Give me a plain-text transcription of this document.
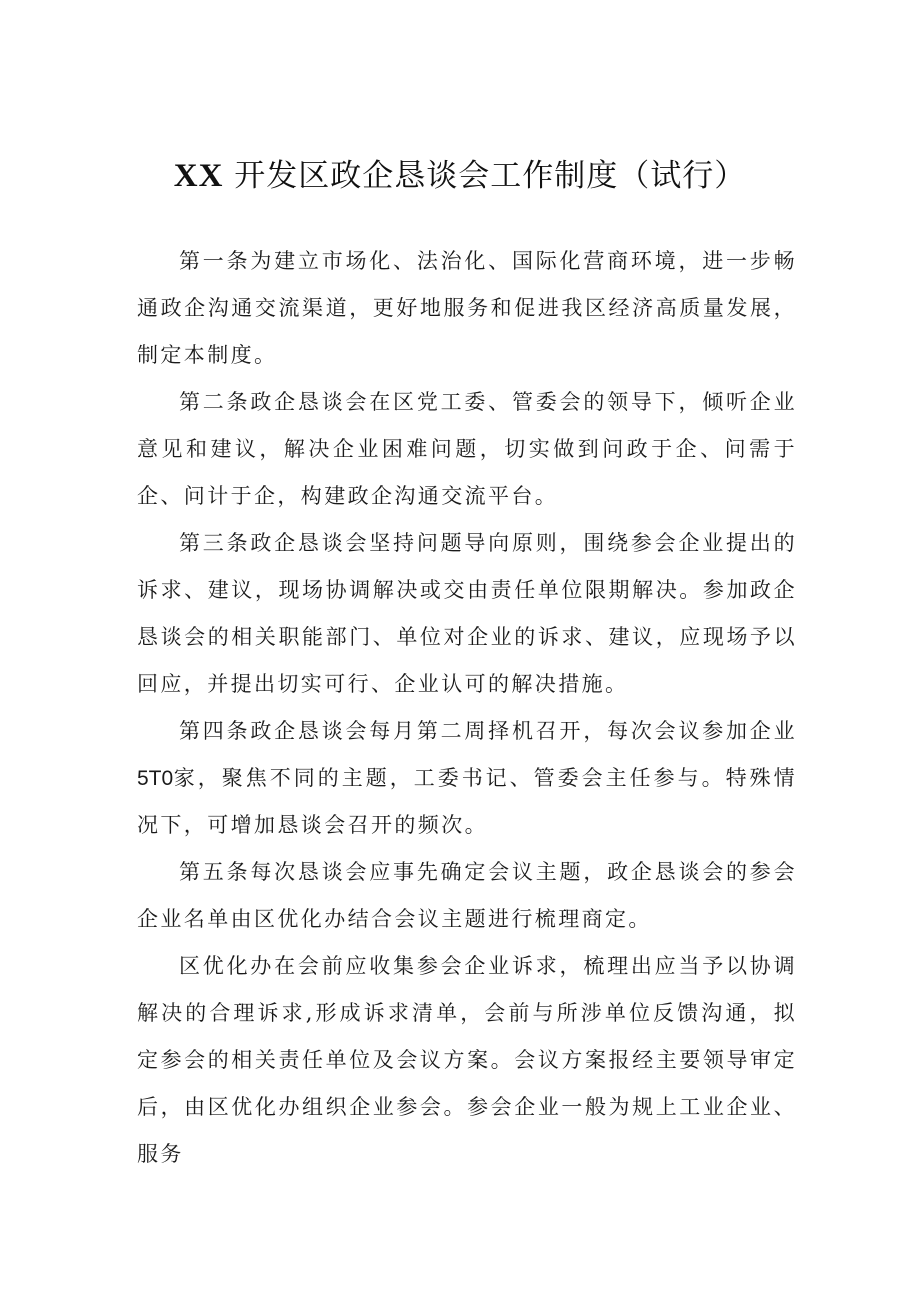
XX 开发区政企恳谈会工作制度（试行）

第一条为建立市场化、法治化、国际化营商环境，进一步畅通政企沟通交流渠道，更好地服务和促进我区经济高质量发展，制定本制度。

第二条政企恳谈会在区党工委、管委会的领导下，倾听企业意见和建议，解决企业困难问题，切实做到问政于企、问需于企、问计于企，构建政企沟通交流平台。

第三条政企恳谈会坚持问题导向原则，围绕参会企业提出的诉求、建议，现场协调解决或交由责任单位限期解决。参加政企恳谈会的相关职能部门、单位对企业的诉求、建议，应现场予以回应，并提出切实可行、企业认可的解决措施。

第四条政企恳谈会每月第二周择机召开，每次会议参加企业5T0家，聚焦不同的主题，工委书记、管委会主任参与。特殊情况下，可增加恳谈会召开的频次。

第五条每次恳谈会应事先确定会议主题，政企恳谈会的参会企业名单由区优化办结合会议主题进行梳理商定。

区优化办在会前应收集参会企业诉求，梳理出应当予以协调解决的合理诉求,形成诉求清单，会前与所涉单位反馈沟通，拟定参会的相关责任单位及会议方案。会议方案报经主要领导审定后，由区优化办组织企业参会。参会企业一般为规上工业企业、服务
